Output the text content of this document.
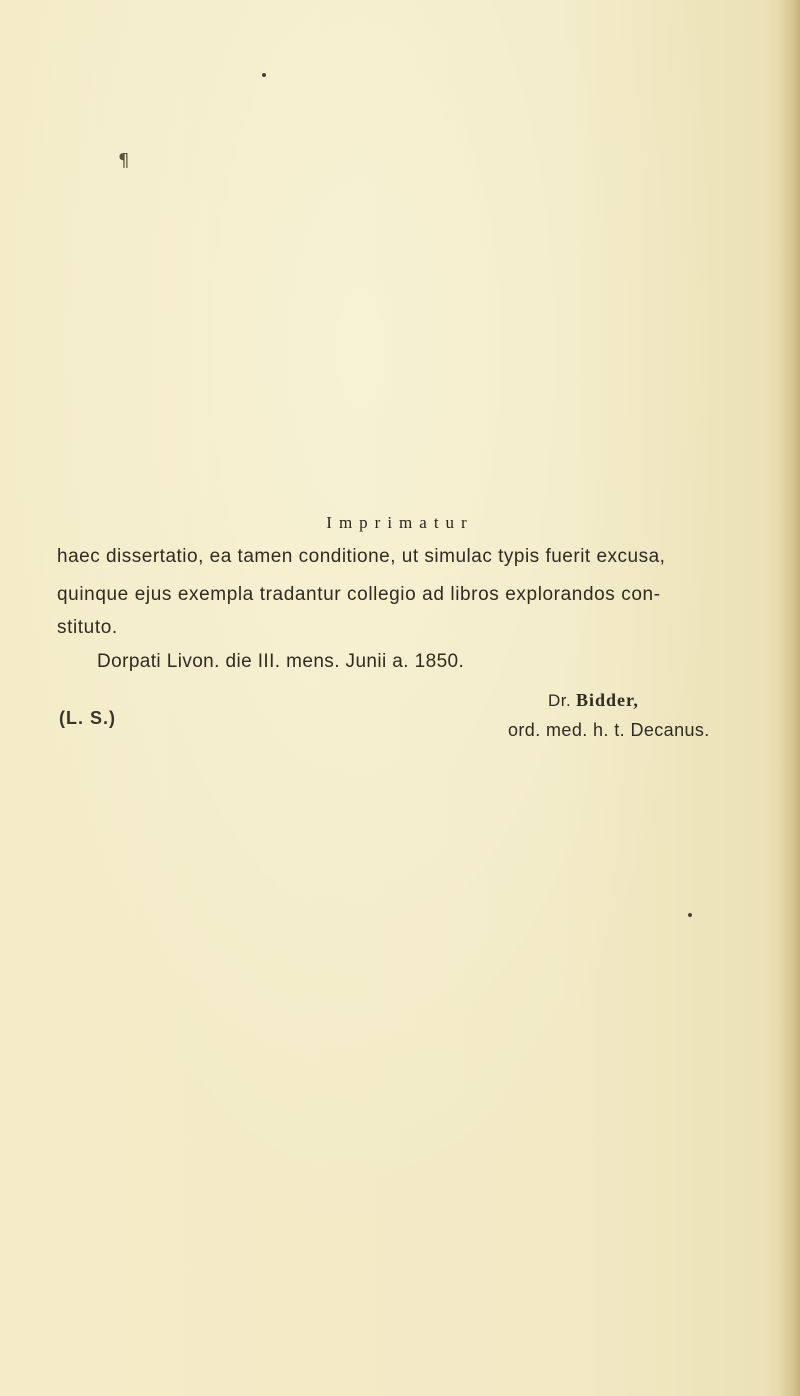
¶
Imprimatur

haec dissertatio, ea tamen conditione, ut simulac typis fuerit excusa,

quinque ejus exempla tradantur collegio ad libros explorandos con-

stituto.

Dorpati Livon. die III. mens. Junii a. 1850.
(L. S.)
Dr. Bidder,
ord. med. h. t. Decanus.
